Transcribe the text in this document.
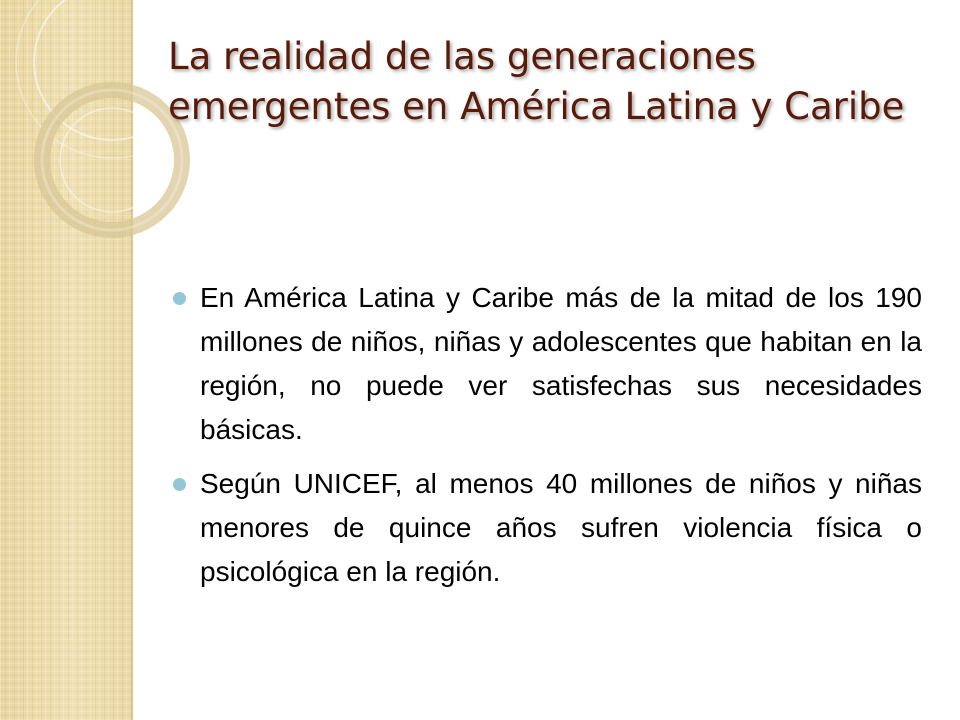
La realidad de las generaciones emergentes en América Latina y Caribe
En América Latina y Caribe más de la mitad de los 190 millones de niños, niñas y adolescentes que habitan en la región, no puede ver satisfechas sus necesidades básicas.
Según UNICEF, al menos 40 millones de niños y niñas menores de quince años sufren violencia física o psicológica en la región.
